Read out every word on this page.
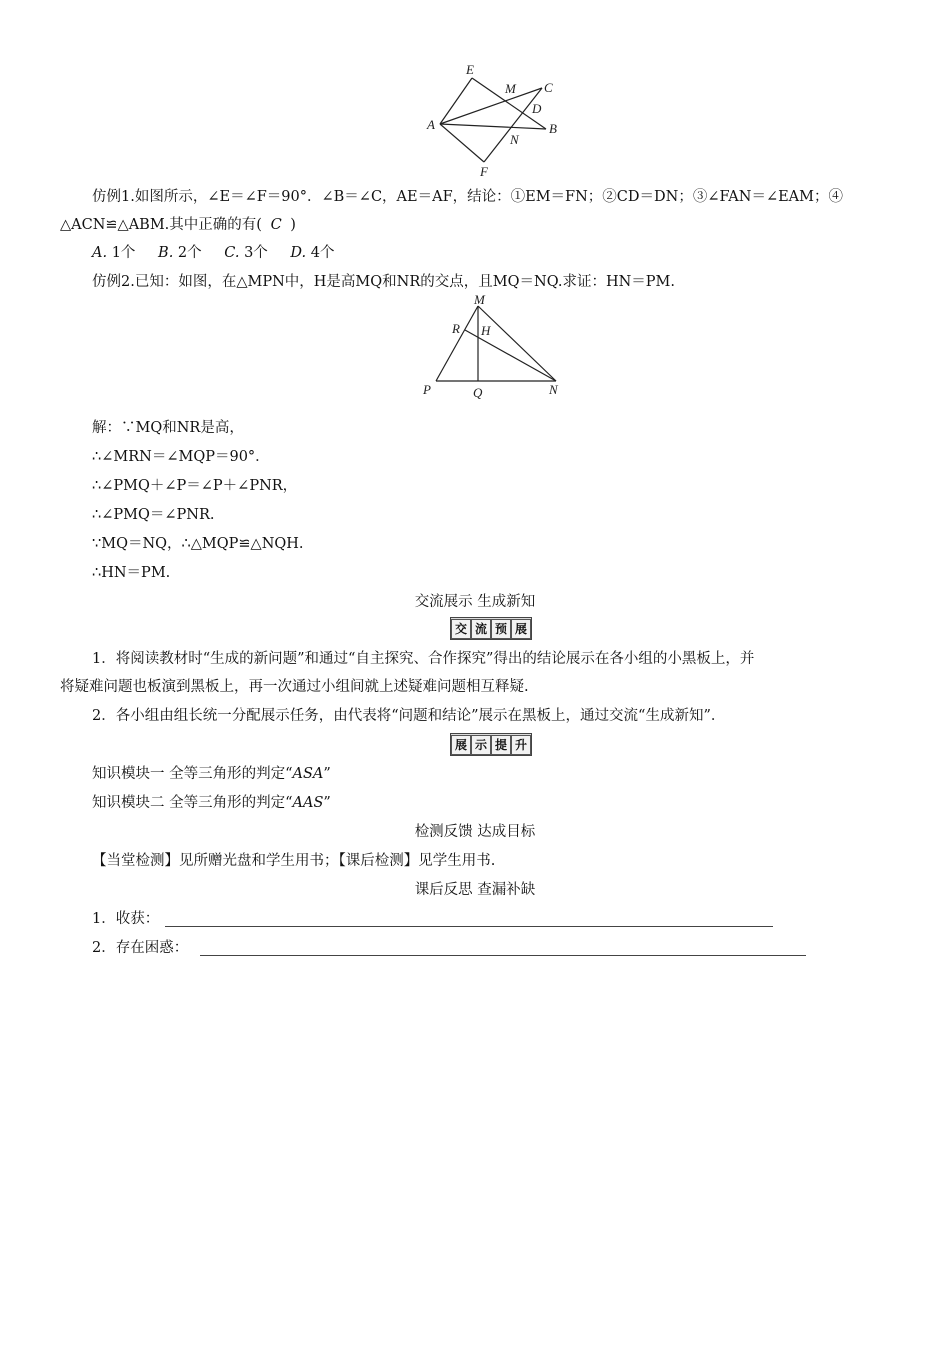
E
M C
D
A
N
B
F
仿例1.如图所示，∠E＝∠F＝90°．∠B＝∠C，AE＝AF，结论：①EM＝FN；②CD＝DN；③∠FAN＝∠EAM；④
△ACN≌△ABM.其中正确的有( C )
A. 1个 B. 2个 C. 3个 D. 4个
仿例2.已知：如图，在△MPN中，H是高MQ和NR的交点，且MQ＝NQ.求证：HN＝PM.
M
R H
P	Q	N
解：∵MQ和NR是高，
∴∠MRN＝∠MQP＝90°．
∴∠PMQ＋∠P＝∠P＋∠PNR，
∴∠PMQ＝∠PNR.
∵MQ＝NQ，∴△MQP≌△NQH.
∴HN＝PM.
交流展示 生成新知
交 流 预 展
1．将阅读教材时“生成的新问题”和通过“自主探究、合作探究”得出的结论展示在各小组的小黑板上，并
将疑难问题也板演到黑板上，再一次通过小组间就上述疑难问题相互释疑.
2．各小组由组长统一分配展示任务，由代表将“问题和结论”展示在黑板上，通过交流“生成新知”．
展 示 提 升
知识模块一 全等三角形的判定“ASA”
知识模块二 全等三角形的判定“AAS”
检测反馈 达成目标
【当堂检测】见所赠光盘和学生用书；【课后检测】见学生用书.
课后反思 查漏补缺
1．收获：
2．存在困惑：
